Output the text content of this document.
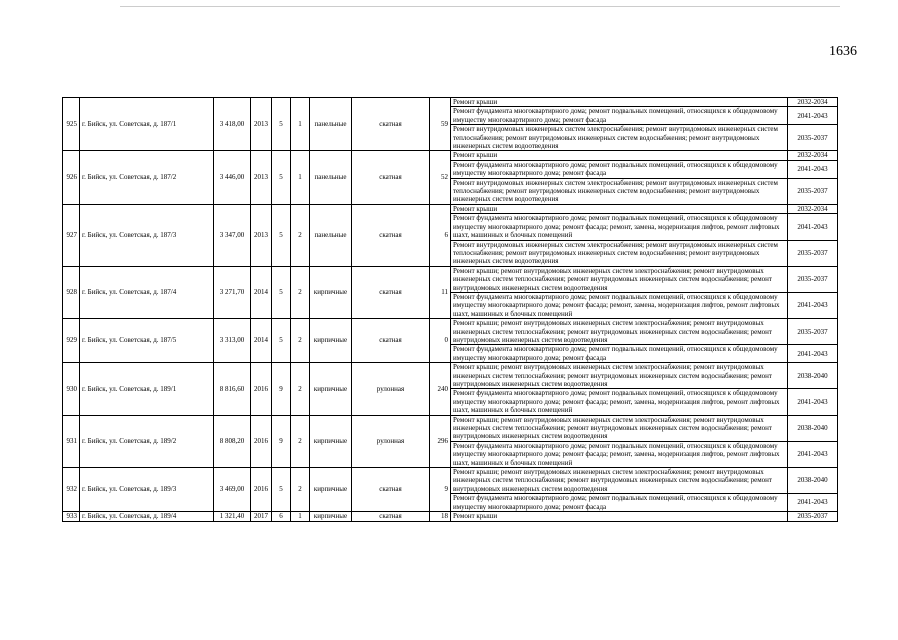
1636
925	г. Бийск, ул. Советская, д. 187/1	3 418,00	2013	5	1	панельные	скатная	59	Ремонт крыши	2032-2034
									Ремонт фундамента многоквартирного дома; ремонт подвальных помещений, относящихся к общедомовому имуществу многоквартирного дома; ремонт фасада	2041-2043
									Ремонт внутридомовых инженерных систем электроснабжения; ремонт внутридомовых инженерных систем теплоснабжения; ремонт внутридомовых инженерных систем водоснабжения; ремонт внутридомовых инженерных систем водоотведения	2035-2037
926	г. Бийск, ул. Советская, д. 187/2	3 446,00	2013	5	1	панельные	скатная	52	Ремонт крыши	2032-2034
									Ремонт фундамента многоквартирного дома; ремонт подвальных помещений, относящихся к общедомовому имуществу многоквартирного дома; ремонт фасада	2041-2043
									Ремонт внутридомовых инженерных систем электроснабжения; ремонт внутридомовых инженерных систем теплоснабжения; ремонт внутридомовых инженерных систем водоснабжения; ремонт внутридомовых инженерных систем водоотведения	2035-2037
927	г. Бийск, ул. Советская, д. 187/3	3 347,00	2013	5	2	панельные	скатная	6	Ремонт крыши	2032-2034
									Ремонт фундамента многоквартирного дома; ремонт подвальных помещений, относящихся к общедомовому имуществу многоквартирного дома; ремонт фасада; ремонт, замена, модернизация лифтов, ремонт лифтовых шахт, машинных и блочных помещений	2041-2043
									Ремонт внутридомовых инженерных систем электроснабжения; ремонт внутридомовых инженерных систем теплоснабжения; ремонт внутридомовых инженерных систем водоснабжения; ремонт внутридомовых инженерных систем водоотведения	2035-2037
928	г. Бийск, ул. Советская, д. 187/4	3 271,70	2014	5	2	кирпичные	скатная	11	Ремонт крыши; ремонт внутридомовых инженерных систем электроснабжения; ремонт внутридомовых инженерных систем теплоснабжения; ремонт внутридомовых инженерных систем водоснабжения; ремонт внутридомовых инженерных систем водоотведения	2035-2037
									Ремонт фундамента многоквартирного дома; ремонт подвальных помещений, относящихся к общедомовому имуществу многоквартирного дома; ремонт фасада; ремонт, замена, модернизация лифтов, ремонт лифтовых шахт, машинных и блочных помещений	2041-2043
929	г. Бийск, ул. Советская, д. 187/5	3 313,00	2014	5	2	кирпичные	скатная	0	Ремонт крыши; ремонт внутридомовых инженерных систем электроснабжения; ремонт внутридомовых инженерных систем теплоснабжения; ремонт внутридомовых инженерных систем водоснабжения; ремонт внутридомовых инженерных систем водоотведения	2035-2037
									Ремонт фундамента многоквартирного дома; ремонт подвальных помещений, относящихся к общедомовому имуществу многоквартирного дома; ремонт фасада	2041-2043
930	г. Бийск, ул. Советская, д. 189/1	8 816,60	2016	9	2	кирпичные	рулонная	240	Ремонт крыши; ремонт внутридомовых инженерных систем электроснабжения; ремонт внутридомовых инженерных систем теплоснабжения; ремонт внутридомовых инженерных систем водоснабжения; ремонт внутридомовых инженерных систем водоотведения	2038-2040
									Ремонт фундамента многоквартирного дома; ремонт подвальных помещений, относящихся к общедомовому имуществу многоквартирного дома; ремонт фасада; ремонт, замена, модернизация лифтов, ремонт лифтовых шахт, машинных и блочных помещений	2041-2043
931	г. Бийск, ул. Советская, д. 189/2	8 808,20	2016	9	2	кирпичные	рулонная	296	Ремонт крыши; ремонт внутридомовых инженерных систем электроснабжения; ремонт внутридомовых инженерных систем теплоснабжения; ремонт внутридомовых инженерных систем водоснабжения; ремонт внутридомовых инженерных систем водоотведения	2038-2040
									Ремонт фундамента многоквартирного дома; ремонт подвальных помещений, относящихся к общедомовому имуществу многоквартирного дома; ремонт фасада; ремонт, замена, модернизация лифтов, ремонт лифтовых шахт, машинных и блочных помещений	2041-2043
932	г. Бийск, ул. Советская, д. 189/3	3 469,00	2016	5	2	кирпичные	скатная	9	Ремонт крыши; ремонт внутридомовых инженерных систем электроснабжения; ремонт внутридомовых инженерных систем теплоснабжения; ремонт внутридомовых инженерных систем водоснабжения; ремонт внутридомовых инженерных систем водоотведения	2038-2040
									Ремонт фундамента многоквартирного дома; ремонт подвальных помещений, относящихся к общедомовому имуществу многоквартирного дома; ремонт фасада	2041-2043
933	г. Бийск, ул. Советская, д. 189/4	1 321,40	2017	6	1	кирпичные	скатная	18	Ремонт крыши	2035-2037
